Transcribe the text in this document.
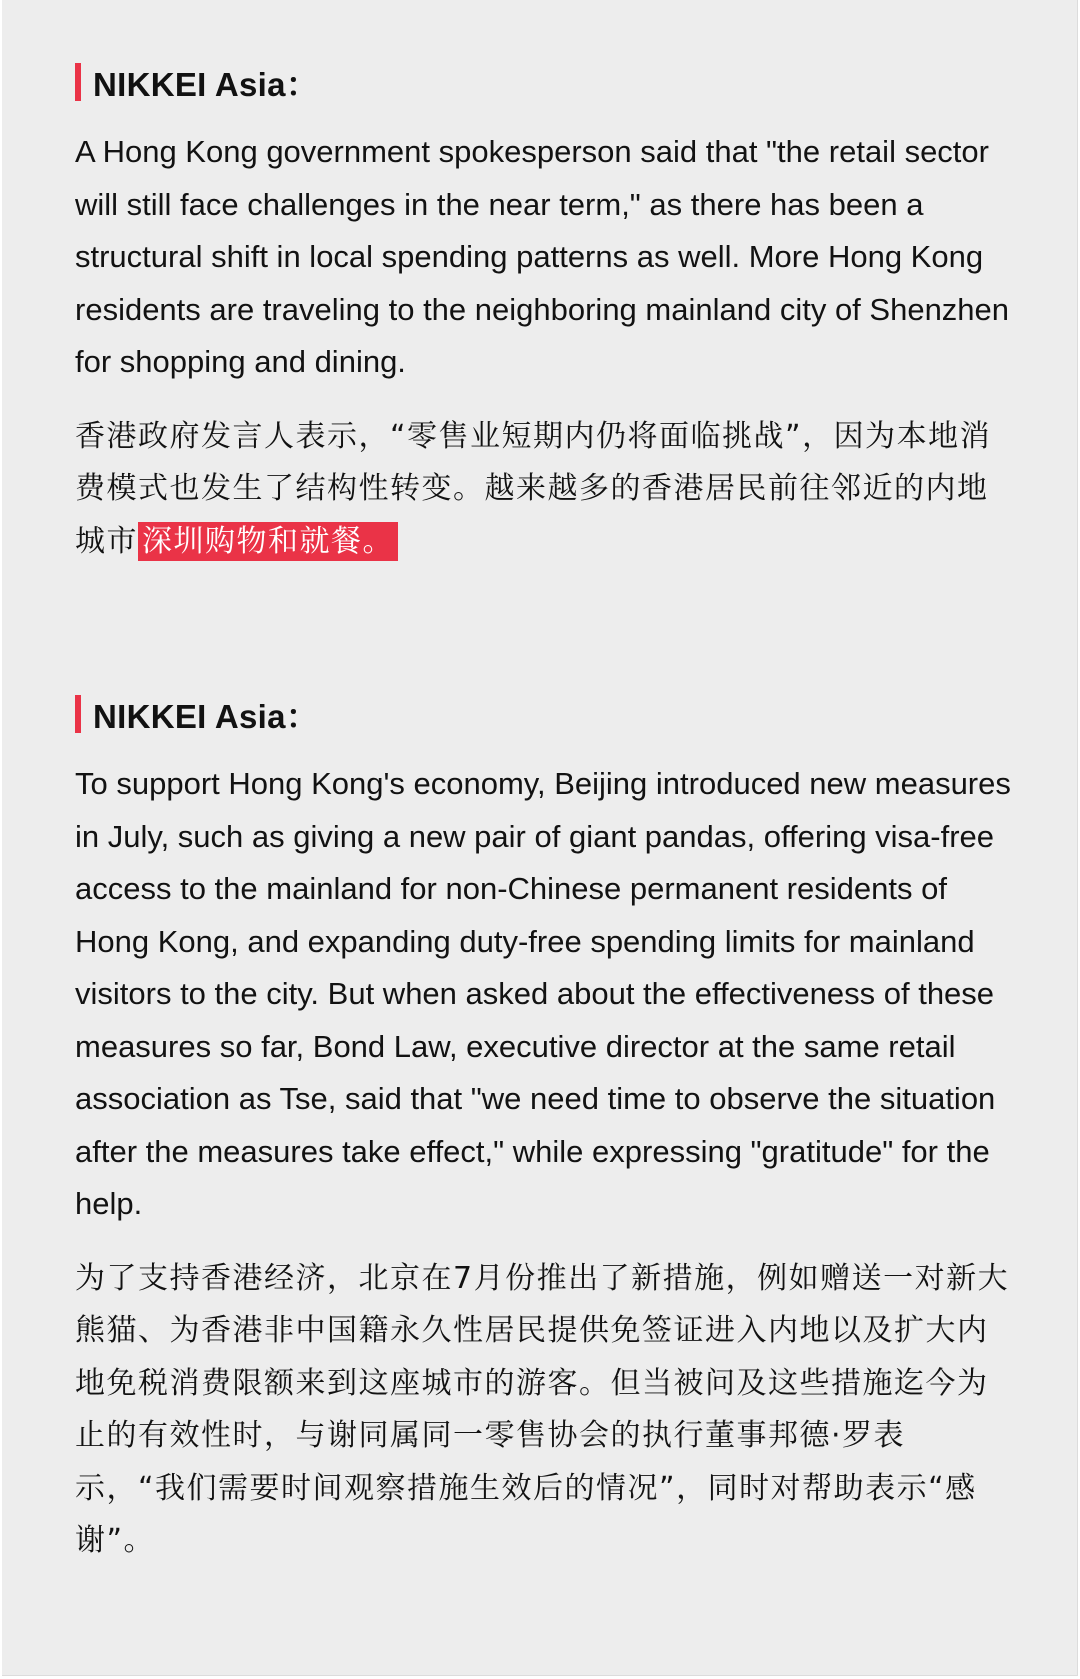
NIKKEI Asia：

A Hong Kong government spokesperson said that "the retail sector will still face challenges in the near term," as there has been a structural shift in local spending patterns as well. More Hong Kong residents are traveling to the neighboring mainland city of Shenzhen for shopping and dining.

香港政府发言人表示，“零售业短期内仍将面临挑战”，因为本地消费模式也发生了结构性转变。越来越多的香港居民前往邻近的内地城市 深圳购物和就餐。

NIKKEI Asia：

To support Hong Kong's economy, Beijing introduced new measures in July, such as giving a new pair of giant pandas, offering visa-free access to the mainland for non-Chinese permanent residents of Hong Kong, and expanding duty-free spending limits for mainland visitors to the city. But when asked about the effectiveness of these measures so far, Bond Law, executive director at the same retail association as Tse, said that "we need time to observe the situation after the measures take effect," while expressing "gratitude" for the help.

为了支持香港经济，北京在7月份推出了新措施，例如赠送一对新大熊猫、为香港非中国籍永久性居民提供免签证进入内地以及扩大内地免税消费限额来到这座城市的游客。但当被问及这些措施迄今为止的有效性时，与谢同属同一零售协会的执行董事邦德·罗表示，“我们需要时间观察措施生效后的情况”，同时对帮助表示“感谢”。
